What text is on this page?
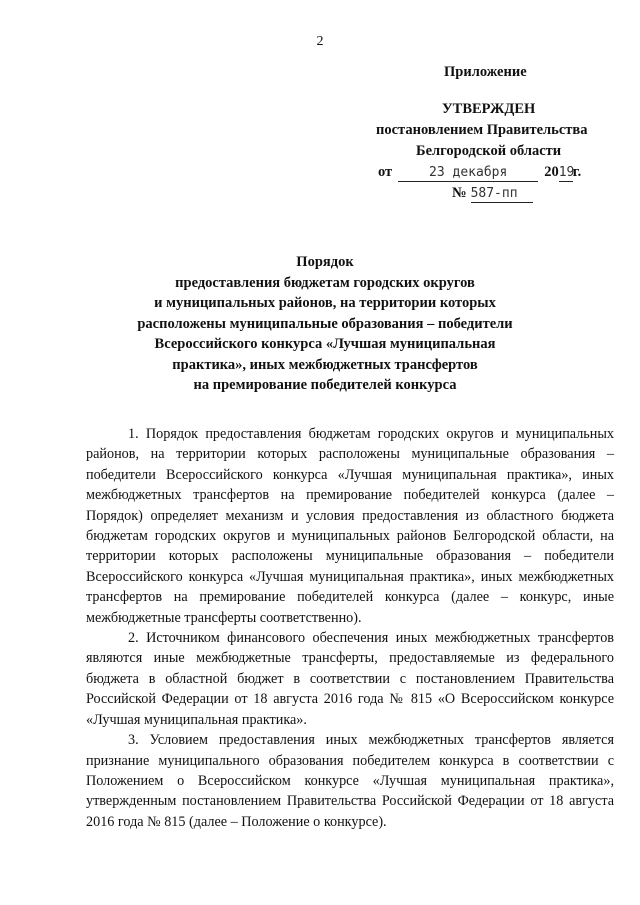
2
Приложение
УТВЕРЖДЕН
постановлением Правительства
Белгородской области
от	23 декабря	2019г.
№ 587-пп
Порядок
предоставления бюджетам городских округов
и муниципальных районов, на территории которых
расположены муниципальные образования – победители
Всероссийского конкурса «Лучшая муниципальная
практика», иных межбюджетных трансфертов
на премирование победителей конкурса

1. Порядок предоставления бюджетам городских округов и муниципальных районов, на территории которых расположены муниципальные образования – победители Всероссийского конкурса «Лучшая муниципальная практика», иных межбюджетных трансфертов на премирование победителей конкурса (далее – Порядок) определяет механизм и условия предоставления из областного бюджета бюджетам городских округов и муниципальных районов Белгородской области, на территории которых расположены муниципальные образования – победители Всероссийского конкурса «Лучшая муниципальная практика», иных межбюджетных трансфертов на премирование победителей конкурса (далее – конкурс, иные межбюджетные трансферты соответственно).

2. Источником финансового обеспечения иных межбюджетных трансфертов являются иные межбюджетные трансферты, предоставляемые из федерального бюджета в областной бюджет в соответствии с постановлением Правительства Российской Федерации от 18 августа 2016 года № 815 «О Всероссийском конкурсе «Лучшая муниципальная практика».

3. Условием предоставления иных межбюджетных трансфертов является признание муниципального образования победителем конкурса в соответствии с Положением о Всероссийском конкурсе «Лучшая муниципальная практика», утвержденным постановлением Правительства Российской Федерации от 18 августа 2016 года № 815 (далее – Положение о конкурсе).
